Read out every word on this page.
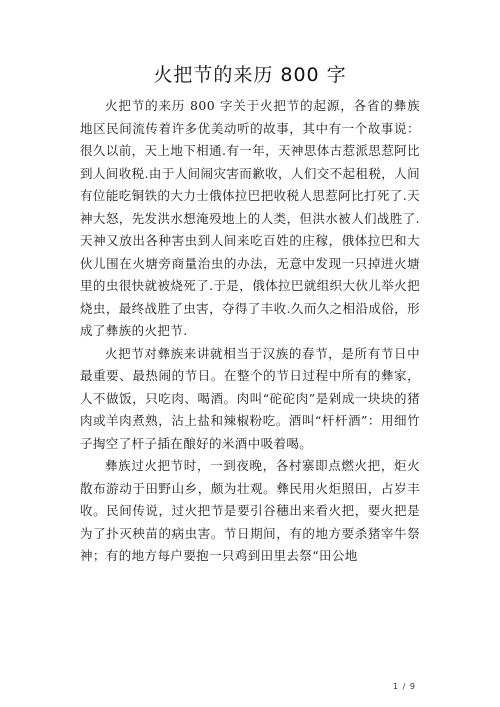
火把节的来历 800 字

火把节的来历 800 字关于火把节的起源，各省的彝族地区民间流传着许多优美动听的故事，其中有一个故事说：很久以前，天上地下相通.有一年，天神思体古惹派思惹阿比到人间收税.由于人间闹灾害而歉收，人们交不起租税，人间有位能吃铜铁的大力士俄体拉巴把收税人思惹阿比打死了.天神大怒，先发洪水想淹殁地上的人类，但洪水被人们战胜了.天神又放出各种害虫到人间来吃百姓的庄稼，俄体拉巴和大伙儿围在火塘旁商量治虫的办法，无意中发现一只掉进火塘里的虫很快就被烧死了.于是，俄体拉巴就组织大伙儿举火把烧虫，最终战胜了虫害，夺得了丰收.久而久之相沿成俗，形成了彝族的火把节.

火把节对彝族来讲就相当于汉族的春节，是所有节日中最重要、最热闹的节日。在整个的节日过程中所有的彝家，人不做饭，只吃肉、喝酒。肉叫“砣砣肉”是剁成一块块的猪肉或羊肉煮熟，沾上盐和辣椒粉吃。酒叫“杆杆酒”：用细竹子掏空了杆子插在酿好的米酒中吸着喝。

彝族过火把节时，一到夜晚，各村寨即点燃火把，炬火散布游动于田野山乡，颇为壮观。彝民用火炬照田，占岁丰收。民间传说，过火把节是要引谷穗出来看火把，要火把是为了扑灭秧苗的病虫害。节日期间，有的地方要杀猪宰牛祭神；有的地方每户要抱一只鸡到田里去祭“田公地

1 / 9
